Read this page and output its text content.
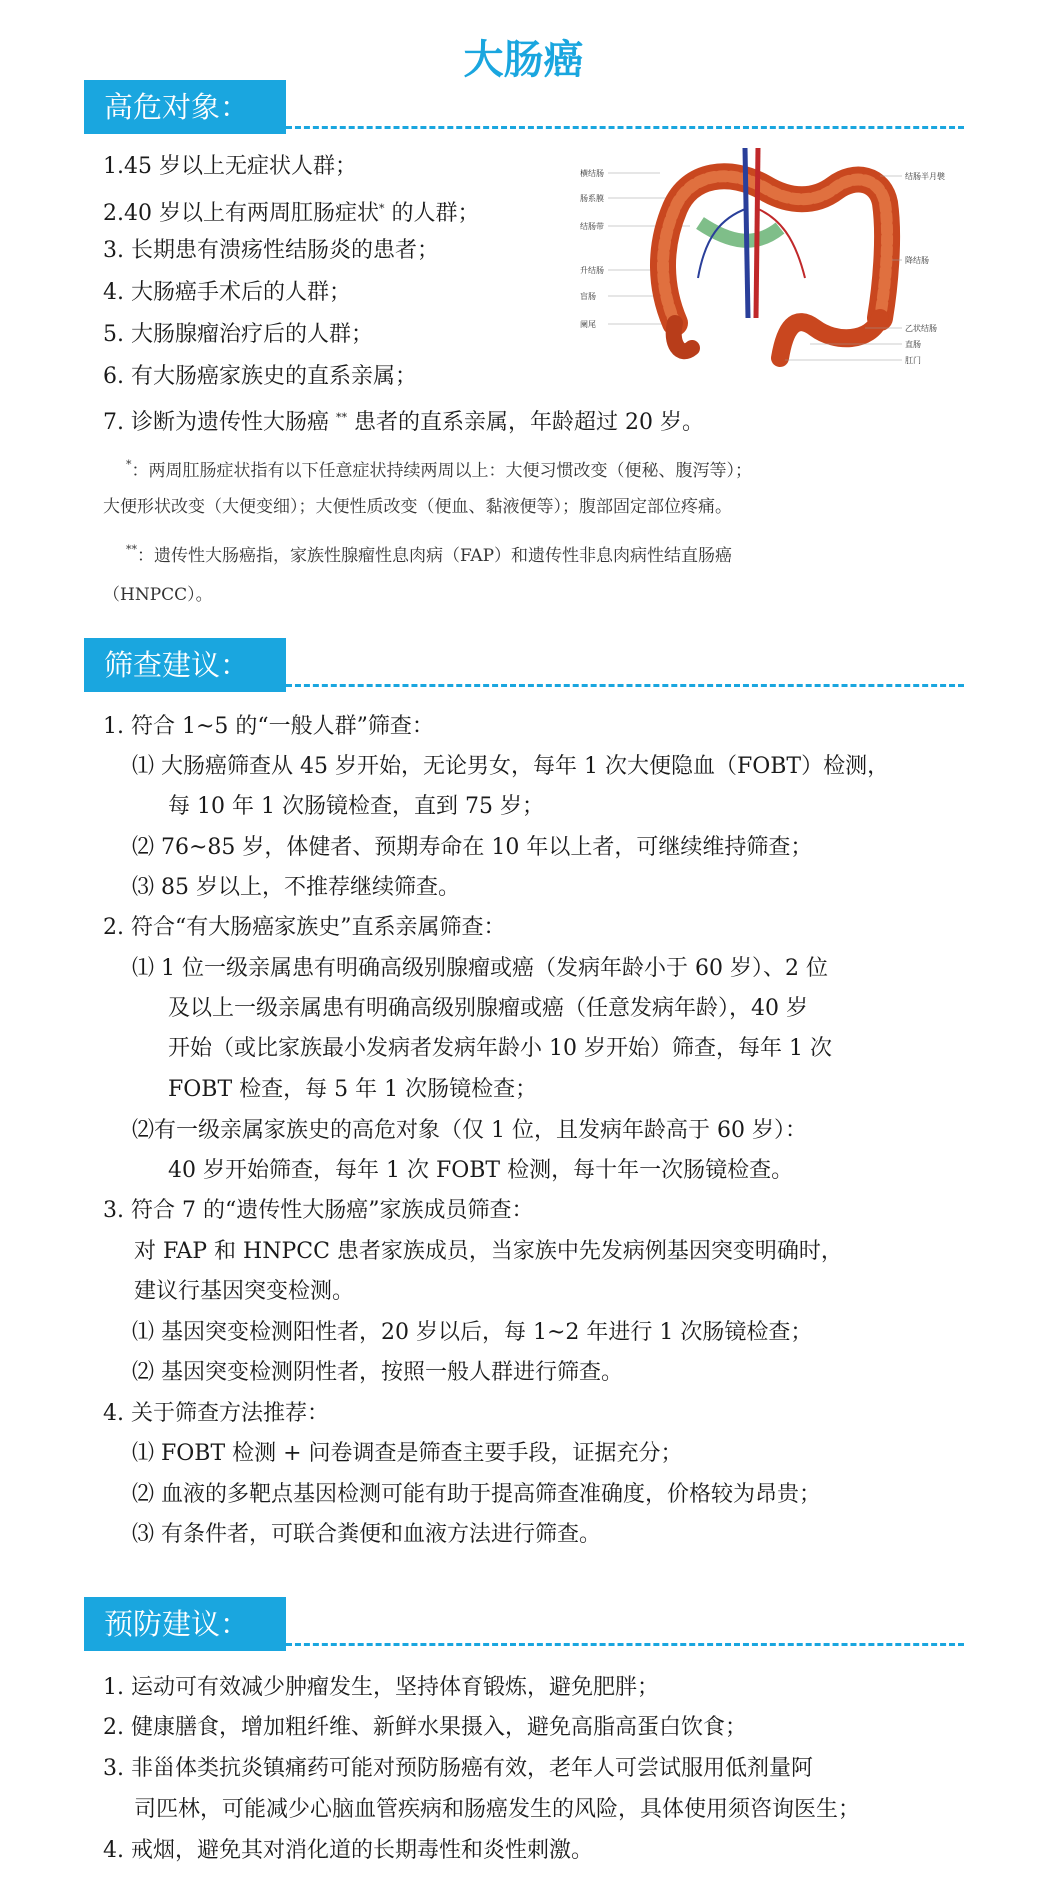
大肠癌
高危对象：
1.45 岁以上无症状人群；
2.40 岁以上有两周肛肠症状* 的人群；
3. 长期患有溃疡性结肠炎的患者；
4. 大肠癌手术后的人群；
5. 大肠腺瘤治疗后的人群；
6. 有大肠癌家族史的直系亲属；
7. 诊断为遗传性大肠癌 ** 患者的直系亲属，年龄超过 20 岁。
横结肠
肠系膜
结肠带
升结肠
盲肠
阑尾
结肠半月襞
降结肠
乙状结肠
直肠
肛门
*：两周肛肠症状指有以下任意症状持续两周以上：大便习惯改变（便秘、腹泻等）；
大便形状改变（大便变细）；大便性质改变（便血、黏液便等）；腹部固定部位疼痛。
**：遗传性大肠癌指，家族性腺瘤性息肉病（FAP）和遗传性非息肉病性结直肠癌
（HNPCC）。
筛查建议：
1. 符合 1~5 的“一般人群”筛查：
⑴ 大肠癌筛查从 45 岁开始，无论男女，每年 1 次大便隐血（FOBT）检测，
每 10 年 1 次肠镜检查，直到 75 岁；
⑵ 76~85 岁，体健者、预期寿命在 10 年以上者，可继续维持筛查；
⑶ 85 岁以上，不推荐继续筛查。
2. 符合“有大肠癌家族史”直系亲属筛查：
⑴ 1 位一级亲属患有明确高级别腺瘤或癌（发病年龄小于 60 岁）、2 位
及以上一级亲属患有明确高级别腺瘤或癌（任意发病年龄），40 岁
开始（或比家族最小发病者发病年龄小 10 岁开始）筛查，每年 1 次
FOBT 检查，每 5 年 1 次肠镜检查；
⑵有一级亲属家族史的高危对象（仅 1 位，且发病年龄高于 60 岁）：
40 岁开始筛查，每年 1 次 FOBT 检测，每十年一次肠镜检查。
3. 符合 7 的“遗传性大肠癌”家族成员筛查：
对 FAP 和 HNPCC 患者家族成员，当家族中先发病例基因突变明确时，
建议行基因突变检测。
⑴ 基因突变检测阳性者，20 岁以后，每 1~2 年进行 1 次肠镜检查；
⑵ 基因突变检测阴性者，按照一般人群进行筛查。
4. 关于筛查方法推荐：
⑴ FOBT 检测 + 问卷调查是筛查主要手段，证据充分；
⑵ 血液的多靶点基因检测可能有助于提高筛查准确度，价格较为昂贵；
⑶ 有条件者，可联合粪便和血液方法进行筛查。
预防建议：
1. 运动可有效减少肿瘤发生，坚持体育锻炼，避免肥胖；
2. 健康膳食，增加粗纤维、新鲜水果摄入，避免高脂高蛋白饮食；
3. 非甾体类抗炎镇痛药可能对预防肠癌有效，老年人可尝试服用低剂量阿
司匹林，可能减少心脑血管疾病和肠癌发生的风险，具体使用须咨询医生；
4. 戒烟，避免其对消化道的长期毒性和炎性刺激。
